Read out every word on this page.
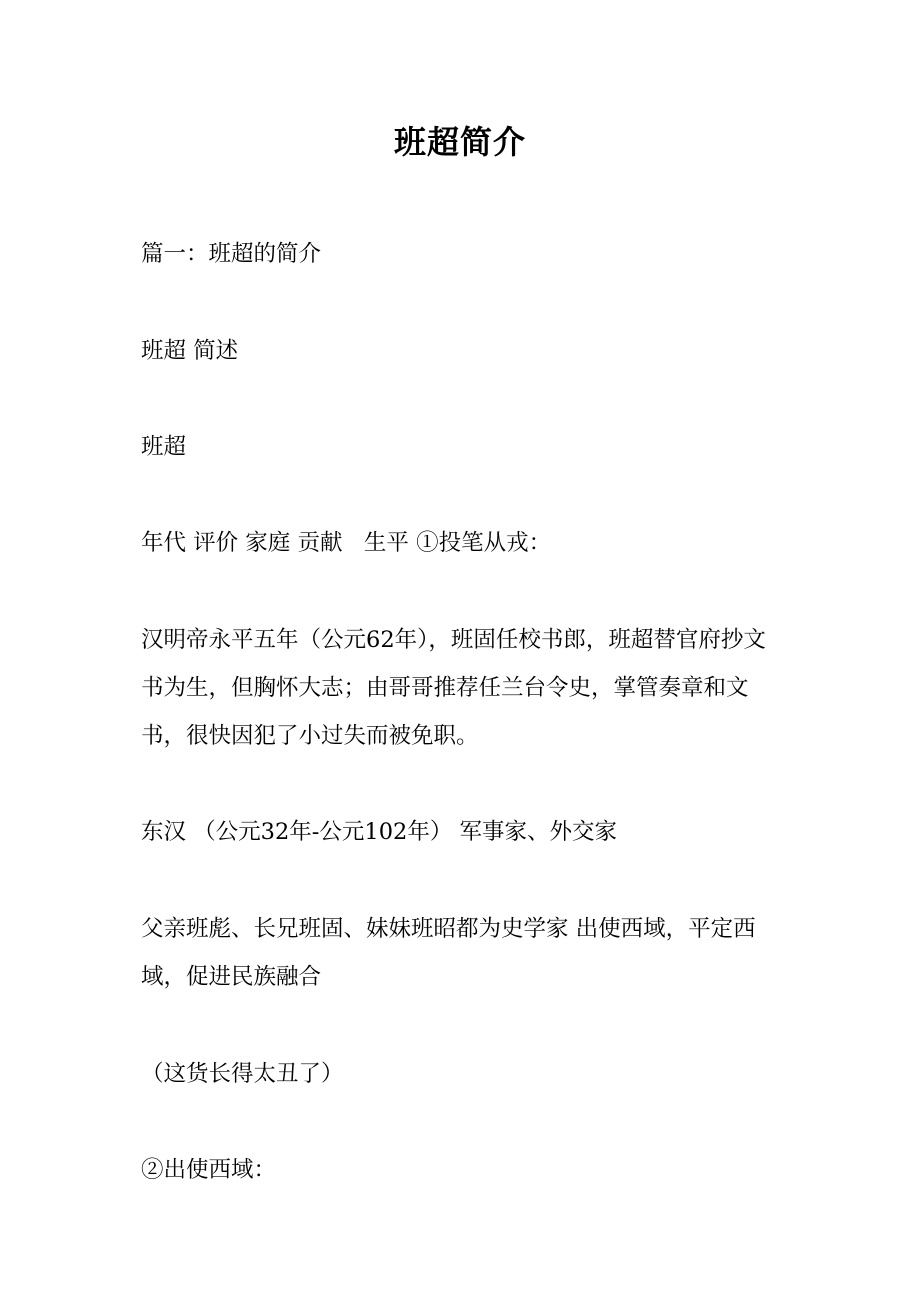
班超简介

篇一：班超的简介

班超 简述

班超

年代 评价 家庭 贡献   生平 ①投笔从戎：

汉明帝永平五年（公元62年），班固任校书郎，班超替官府抄文书为生，但胸怀大志；由哥哥推荐任兰台令史，掌管奏章和文书，很快因犯了小过失而被免职。

东汉 （公元32年-公元102年） 军事家、外交家

父亲班彪、长兄班固、妹妹班昭都为史学家 出使西域，平定西域，促进民族融合

（这货长得太丑了）

②出使西域：
